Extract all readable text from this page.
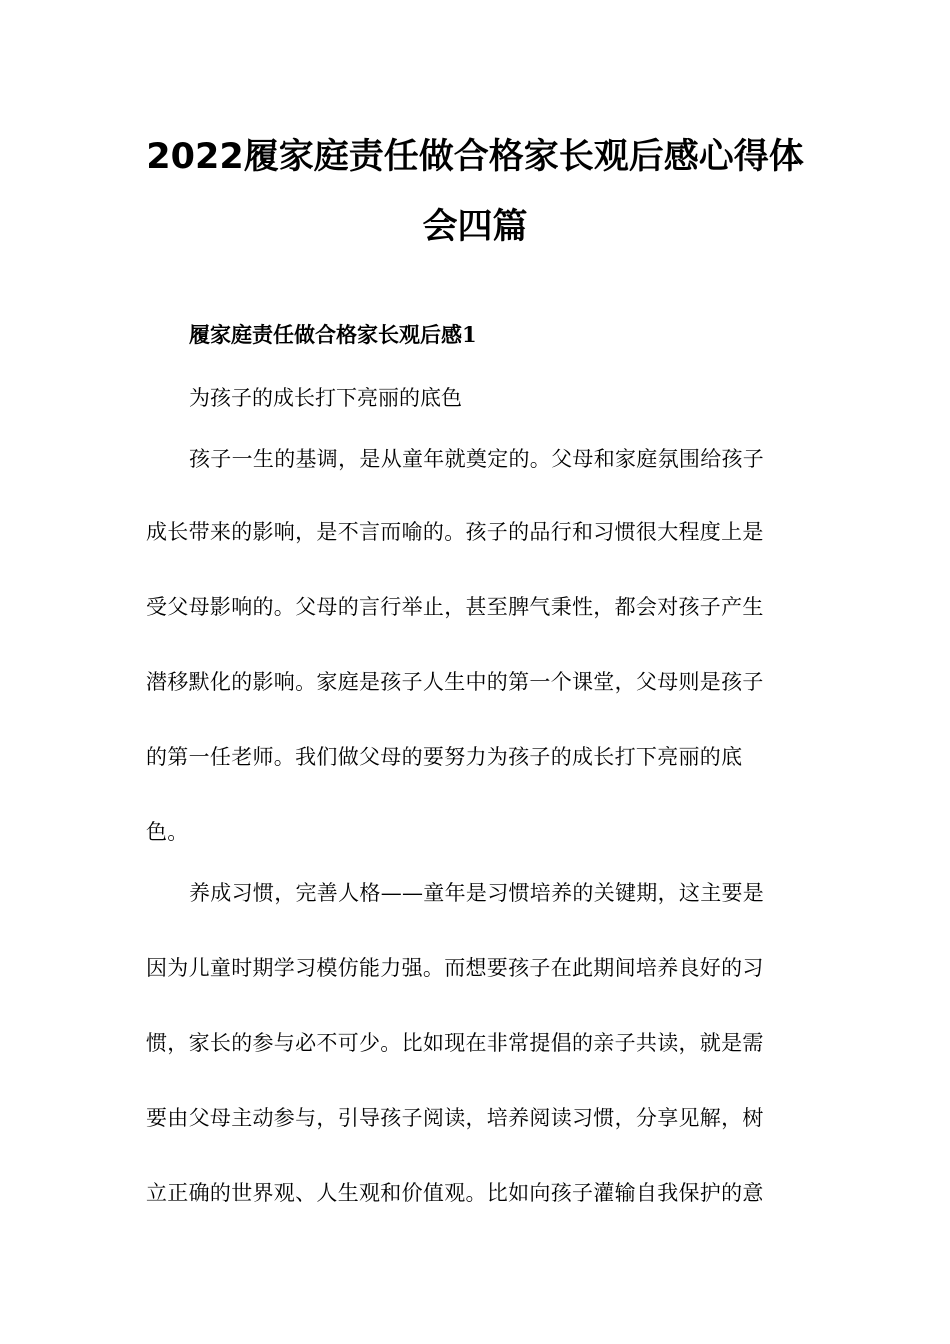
2022履家庭责任做合格家长观后感心得体
会四篇

履家庭责任做合格家长观后感1

为孩子的成长打下亮丽的底色

孩子一生的基调，是从童年就奠定的。父母和家庭氛围给孩子

成长带来的影响，是不言而喻的。孩子的品行和习惯很大程度上是

受父母影响的。父母的言行举止，甚至脾气秉性，都会对孩子产生

潜移默化的影响。家庭是孩子人生中的第一个课堂，父母则是孩子

的第一任老师。我们做父母的要努力为孩子的成长打下亮丽的底

色。

养成习惯，完善人格——童年是习惯培养的关键期，这主要是

因为儿童时期学习模仿能力强。而想要孩子在此期间培养良好的习

惯，家长的参与必不可少。比如现在非常提倡的亲子共读，就是需

要由父母主动参与，引导孩子阅读，培养阅读习惯，分享见解，树

立正确的世界观、人生观和价值观。比如向孩子灌输自我保护的意
